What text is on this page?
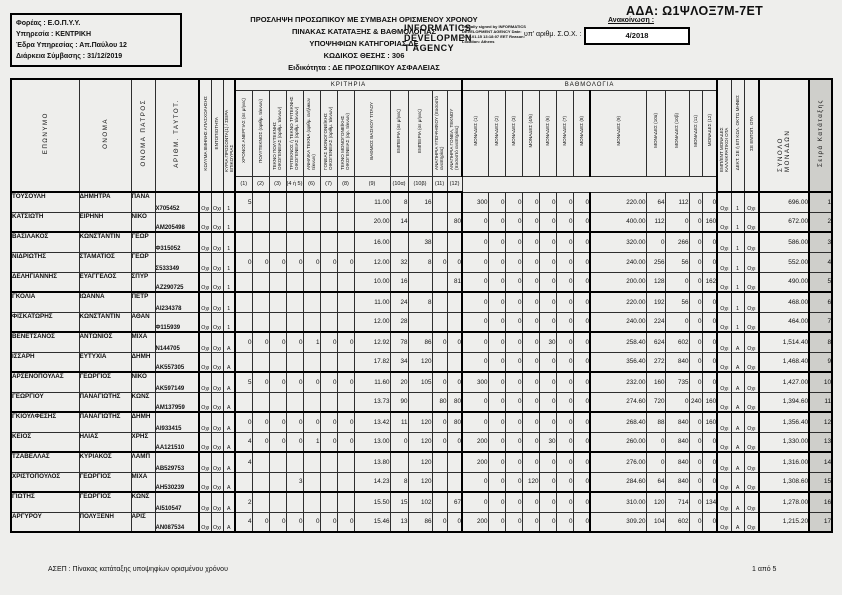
Φορέας : Ε.Ο.Π.Υ.Υ.
Υπηρεσία : ΚΕΝΤΡΙΚΗ
Έδρα Υπηρεσίας : Απ.Παύλου 12
Διάρκεια Σύμβασης : 31/12/2019
ΠΡΟΣΛΗΨΗ ΠΡΟΣΩΠΙΚΟΥ ΜΕ ΣΥΜΒΑΣΗ ΟΡΙΣΜΕΝΟΥ ΧΡΟΝΟΥ
ΠΙΝΑΚΑΣ ΚΑΤΑΤΑΞΗΣ & ΒΑΘΜΟΛΟΓΙΑΣ
ΥΠΟΨΗΦΙΩΝ ΚΑΤΗΓΟΡΙΑΣ ΔΕ
ΚΩΔΙΚΟΣ ΘΕΣΗΣ : 306
Ειδικότητα : ΔΕ ΠΡΟΣΩΠΙΚΟΥ ΑΣΦΑΛΕΙΑΣ
INFORMATICS
DEVELOPMEN
T AGENCY
Digitally signed by INFORMATICS DEVELOPMENT AGENCY Date: 2019.01.15 13:18:07 EET Reason: Location: Athens
ΑΔΑ: Ω1ΨΛΟΞ7Μ-7ΕΤ
Ανακοίνωση :
υπ' αριθμ. Σ.Ο.Χ. :	4/2018
ΕΠΩΝΥΜΟ	ΟΝΟΜΑ	ΟΝΟΜΑ ΠΑΤΡΟΣ	ΑΡΙΘΜ. ΤΑΥΤΟΤ.	ΚΩΛΥΜΑ 8ΜΗΝΗΣ ΑΠΑΣΧΟΛΗΣΗΣ	ΕΝΤΟΠΙΟΤΗΤΑ	ΚΥΡΙΑ ΠΡΟΣΟΝΤΑ(1) / ΣΕΙΡΑ ΕΠΙΚΟΥΡΙΑΣ	ΚΡΙΤΗΡΙΑ												ΒΑΘΜΟΛΟΓΙΑ												ΕΜΠ/ΕΝΤ ΜΟΝΑΔΕΣ ΚΑΛΛΙΚΡΑΤΙΚΟΙ ΟΤΑ	ΔΕΚΤ. ΣΕ ή ΕΠ ΚΩΛ. ΟΚΤΩ ΜΗΝΕΣ	ΣΕ ΕΝΤΟΠ. ΟΤΑ	ΣΥΝΟΛΟ ΜΟΝΑΔΩΝ	Σειρά Κατάταξης
							ΧΡΟΝΟΣ ΑΝΕΡΓΙΑΣ (σε μήνες)	ΠΟΛΥΤΕΚΝΟΣ (αριθμ. τέκνων)	ΤΕΚΝΟ ΠΟΛΥΤΕΚΝΗΣ ΟΙΚΟΓΕΝΕΙΑΣ (αριθμ. τέκνων)	ΤΡΙΤΕΚΝΟΣ ή ΤΕΚΝΟ ΤΡΙΤΕΚΝΗΣ ΟΙΚΟΓΕΝΕΙΑΣ (αριθμ. τέκνων)	ΑΝΗΛΙΚΑ ΤΕΚΝΑ (αριθμ. ανήλικων τέκνων)	ΓΟΝΕΑΣ ΜΟΝΟΓΟΝΕΪΚΗΣ ΟΙΚΟΓΕΝΕΙΑΣ (αριθμ. τέκνων)	ΤΕΚΝΟ ΜΟΝΟΓΟΝΕΪΚΗΣ ΟΙΚΟΓΕΝΕΙΑΣ (αρ. τέκνων)	ΒΑΘΜΟΣ ΒΑΣΙΚΟΥ ΤΙΤΛΟΥ	ΕΜΠΕΙΡΙΑ (σε μήνες)	ΕΜΠΕΙΡΙΑ (σε μήνες)	ΑΝΑΠΗΡΙΑ ΥΠΟΨΗΦΙΟΥ (ποσοστό αναπηρίας)	ΑΝΑΠΗΡΙΑ ΓΟΝΕΑ, ΤΕΚΝΟΥ (ποσοστό αναπηρίας)	ΜΟΝΑΔΕΣ (1)	ΜΟΝΑΔΕΣ (2)	ΜΟΝΑΔΕΣ (3)	ΜΟΝΑΔΕΣ (4/5)	ΜΟΝΑΔΕΣ (6)	ΜΟΝΑΔΕΣ (7)	ΜΟΝΑΔΕΣ (8)	ΜΟΝΑΔΕΣ (9)	ΜΟΝΑΔΕΣ (10α)	ΜΟΝΑΔΕΣ (10β)	ΜΟΝΑΔΕΣ (11)	ΜΟΝΑΔΕΣ (12)					
							(1)	(2)	(3)	(4 ή 5)	(6)	(7)	(8)	(9)	(10α)	(10β)	(11)	(12)																	
ΤΟΥΣΟΥΛΗ	ΔΗΜΗΤΡΑ	ΠΑΝΑ	Χ705452	Οχι	Οχι	1	5							11.00	8	16			300	0	0	0	0	0	0	220.00	64	112	0	0	Οχι	1	Οχι	696.00	1
ΚΑΤΣΙΩΤΗ	ΕΙΡΗΝΗ	ΝΙΚΟ	ΑΜ205498	Οχι	Οχι	1								20.00	14			80	0	0	0	0	0	0	0	400.00	112	0	0	160	Οχι	1	Οχι	672.00	2
ΒΑΣΙΛΑΚΟΣ	ΚΩΝΣΤΑΝΤΙΝ	ΓΕΩΡ	Φ315052	Οχι	Οχι	1								16.00		38			0	0	0	0	0	0	0	320.00	0	266	0	0	Οχι	1	Οχι	586.00	3
ΝΙΔΡΙΩΤΗΣ	ΣΤΑΜΑΤΙΟΣ	ΓΕΩΡ	Σ533349	Οχι	Οχι	1	0	0	0	0	0	0	0	12.00	32	8	0	0	0	0	0	0	0	0	0	240.00	256	56	0	0	Οχι	1	Οχι	552.00	4
ΔΕΛΗΓΙΑΝΝΗΣ	ΕΥΑΓΓΕΛΟΣ	ΣΠΥΡ	ΑΖ290725	Οχι	Οχι	1								10.00	16			81	0	0	0	0	0	0	0	200.00	128	0	0	162	Οχι	1	Οχι	490.00	5
ΓΚΟΛΙΑ	ΙΩΑΝΝΑ	ΠΕΤΡ	ΑΙ234378	Οχι	Οχι	1								11.00	24	8			0	0	0	0	0	0	0	220.00	192	56	0	0	Οχι	1	Οχι	468.00	6
ΦΙΣΚΑΤΩΡΗΣ	ΚΩΝΣΤΑΝΤΙΝ	ΑΘΑΝ	Φ115939	Οχι	Οχι	1								12.00	28				0	0	0	0	0	0	0	240.00	224	0	0	0	Οχι	1	Οχι	464.00	7
ΒΕΝΕΤΣΑΝΟΣ	ΑΝΤΩΝΙΟΣ	ΜΙΧΑ	Ν144705	Οχι	Οχι	Α	0	0	0	0	1	0	0	12.92	78	86	0	0	0	0	0	0	30	0	0	258.40	624	602	0	0	Οχι	Α	Οχι	1,514.40	8
ΙΣΣΑΡΗ	ΕΥΤΥΧΙΑ	ΔΗΜΗ	ΑΚ557305	Οχι	Οχι	Α								17.82	34	120			0	0	0	0	0	0	0	356.40	272	840	0	0	Οχι	Α	Οχι	1,468.40	9
ΑΡΣΕΝΟΠΟΥΛΑΣ	ΓΕΩΡΓΙΟΣ	ΝΙΚΟ	ΑΚ597149	Οχι	Οχι	Α	5	0	0	0	0	0	0	11.60	20	105	0	0	300	0	0	0	0	0	0	232.00	160	735	0	0	Οχι	Α	Οχι	1,427.00	10
ΓΕΩΡΓΙΟΥ	ΠΑΝΑΓΙΩΤΗΣ	ΚΩΝΣ	ΑΜ137959	Οχι	Οχι	Α								13.73	90		80	80	0	0	0	0	0	0	0	274.60	720	0	240	160	Οχι	Α	Οχι	1,394.60	11
ΓΚΙΟΥΛΦΕΣΗΣ	ΠΑΝΑΓΙΩΤΗΣ	ΔΗΜΗ	ΑΙ933415	Οχι	Οχι	Α	0	0	0	0	0	0	0	13.42	11	120	0	80	0	0	0	0	0	0	0	268.40	88	840	0	160	Οχι	Α	Οχι	1,356.40	12
ΚΕΙΟΣ	ΗΛΙΑΣ	ΧΡΗΣ	ΑΑ121510	Οχι	Οχι	Α	4	0	0	0	1	0	0	13.00	0	120	0	0	200	0	0	0	30	0	0	260.00	0	840	0	0	Οχι	Α	Οχι	1,330.00	13
ΤΖΑΒΕΛΛΑΣ	ΚΥΡΙΑΚΟΣ	ΛΑΜΠ	ΑΒ529753	Οχι	Οχι	Α	4							13.80		120			200	0	0	0	0	0	0	276.00	0	840	0	0	Οχι	Α	Οχι	1,316.00	14
ΧΡΙΣΤΟΠΟΥΛΟΣ	ΓΕΩΡΓΙΟΣ	ΜΙΧΑ	ΑΗ530239	Οχι	Οχι	Α				3				14.23	8	120			0	0	0	120	0	0	0	284.60	64	840	0	0	Οχι	Α	Οχι	1,308.60	15
ΓΙΩΤΗΣ	ΓΕΩΡΓΙΟΣ	ΚΩΝΣ	ΑΙ510547	Οχι	Οχι	Α	2							15.50	15	102		67	0	0	0	0	0	0	0	310.00	120	714	0	134	Οχι	Α	Οχι	1,278.00	16
ΑΡΓΥΡΟΥ	ΠΟΛΥΞΕΝΗ	ΑΡΙΣ	ΑΝ087534	Οχι	Οχι	Α	4	0	0	0	0	0	0	15.46	13	86	0	0	200	0	0	0	0	0	0	309.20	104	602	0	0	Οχι	Α	Οχι	1,215.20	17
ΑΣΕΠ : Πίνακας κατάταξης υποψηφίων ορισμένου χρόνου	1 από 5
